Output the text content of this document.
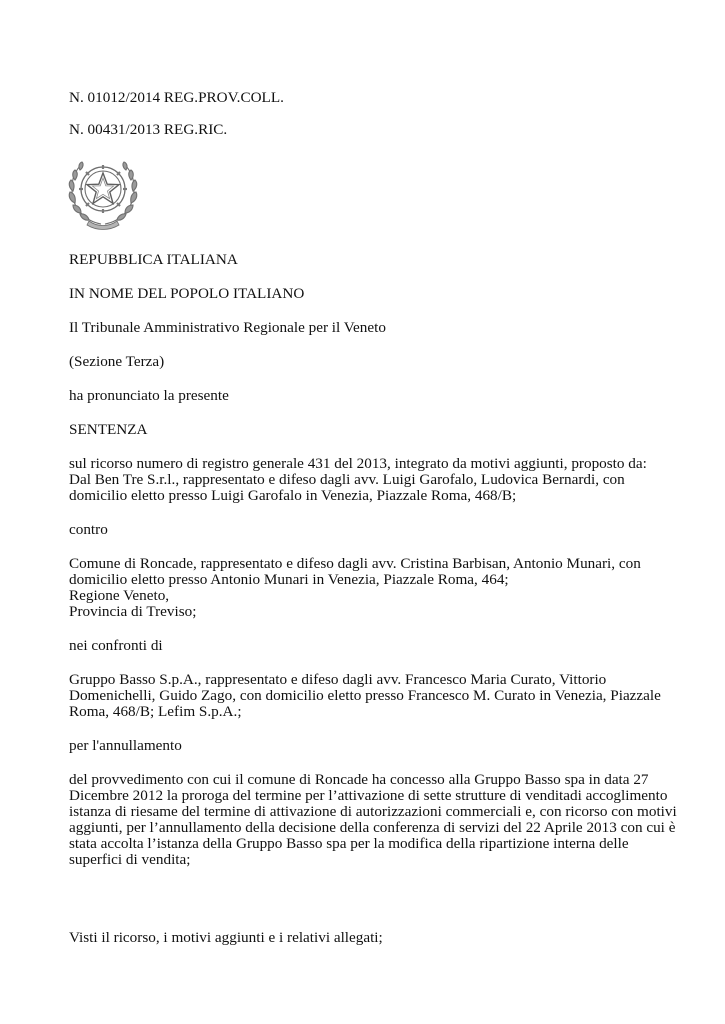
N. 01012/2014 REG.PROV.COLL.
N. 00431/2013 REG.RIC.
REPUBBLICA ITALIANA
IN NOME DEL POPOLO ITALIANO
Il Tribunale Amministrativo Regionale per il Veneto
(Sezione Terza)
ha pronunciato la presente
SENTENZA
sul ricorso numero di registro generale 431 del 2013, integrato da motivi aggiunti, proposto da:
Dal Ben Tre S.r.l., rappresentato e difeso dagli avv. Luigi Garofalo, Ludovica Bernardi, con
domicilio eletto presso Luigi Garofalo in Venezia, Piazzale Roma, 468/B;
contro
Comune di Roncade, rappresentato e difeso dagli avv. Cristina Barbisan, Antonio Munari, con
domicilio eletto presso Antonio Munari in Venezia, Piazzale Roma, 464;
Regione Veneto,
Provincia di Treviso;
nei confronti di
Gruppo Basso S.p.A., rappresentato e difeso dagli avv. Francesco Maria Curato, Vittorio
Domenichelli, Guido Zago, con domicilio eletto presso Francesco M. Curato in Venezia, Piazzale
Roma, 468/B; Lefim S.p.A.;
per l'annullamento
del provvedimento con cui il comune di Roncade ha concesso alla Gruppo Basso spa in data 27
Dicembre 2012 la proroga del termine per l’attivazione di sette strutture di venditadi accoglimento
istanza di riesame del termine di attivazione di autorizzazioni commerciali e, con ricorso con motivi
aggiunti, per l’annullamento della decisione della conferenza di servizi del 22 Aprile 2013 con cui è
stata accolta l’istanza della Gruppo Basso spa per la modifica della ripartizione interna delle
superfici di vendita;
Visti il ricorso, i motivi aggiunti e i relativi allegati;
